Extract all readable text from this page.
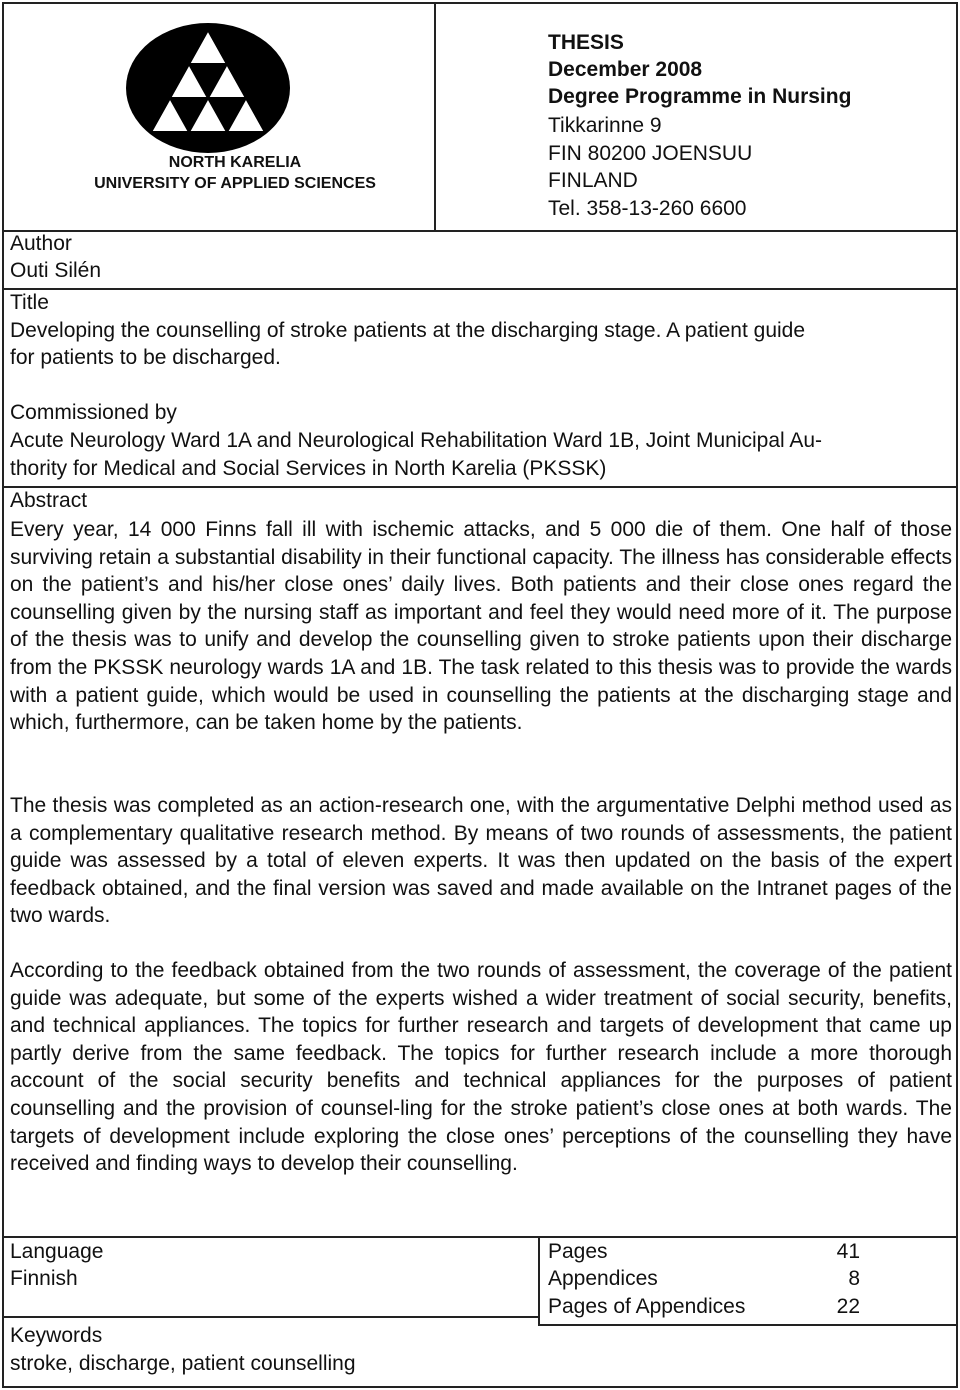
NORTH KARELIA
UNIVERSITY OF APPLIED SCIENCES
THESIS
December 2008
Degree Programme in Nursing
Tikkarinne 9
FIN 80200 JOENSUU
FINLAND
Tel. 358-13-260 6600
Author
Outi Silén
Title
Developing the counselling of stroke patients at the discharging stage. A patient guide
for patients to be discharged.
Commissioned by
Acute Neurology Ward 1A and Neurological Rehabilitation Ward 1B, Joint Municipal Au-
thority for Medical and Social Services in North Karelia (PKSSK)
Abstract
Every year, 14 000 Finns fall ill with ischemic attacks, and 5 000 die of them. One half of those surviving retain a substantial disability in their functional capacity. The illness has considerable effects on the patient’s and his/her close ones’ daily lives. Both patients and their close ones regard the counselling given by the nursing staff as important and feel they would need more of it. The purpose of the thesis was to unify and develop the counselling given to stroke patients upon their discharge from the PKSSK neurology wards 1A and 1B. The task related to this thesis was to provide the wards with a patient guide, which would be used in counselling the patients at the discharging stage and which, furthermore, can be taken home by the patients.
The thesis was completed as an action-research one, with the argumentative Delphi method used as a complementary qualitative research method. By means of two rounds of assessments, the patient guide was assessed by a total of eleven experts. It was then updated on the basis of the expert feedback obtained, and the final version was saved and made available on the Intranet pages of the two wards.
According to the feedback obtained from the two rounds of assessment, the coverage of the patient guide was adequate, but some of the experts wished a wider treatment of social security, benefits, and technical appliances. The topics for further research and targets of development that came up partly derive from the same feedback. The topics for further research include a more thorough account of the social security benefits and technical appliances for the purposes of patient counselling and the provision of counsel-ling for the stroke patient’s close ones at both wards. The targets of development include exploring the close ones’ perceptions of the counselling they have received and finding ways to develop their counselling.
Language
Finnish
Pages	41
Appendices	8
Pages of Appendices	22
Keywords
stroke, discharge, patient counselling
